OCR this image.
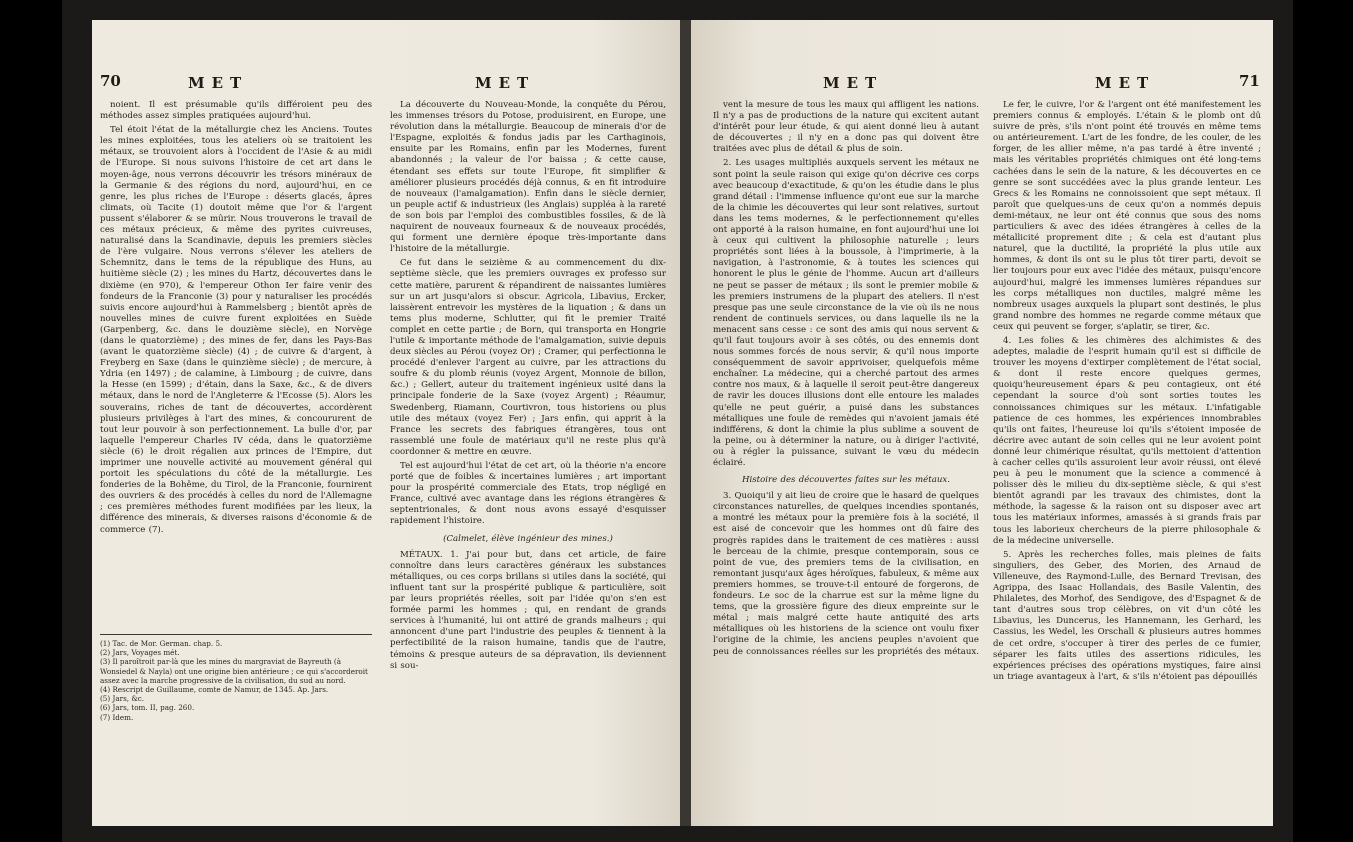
70	MET	MET

noient. Il est présumable qu'ils différoient peu des méthodes assez simples pratiquées aujourd'hui.

Tel étoit l'état de la métallurgie chez les Anciens. Toutes les mines exploitées, tous les ateliers où se traitoient les métaux, se trouvoient alors à l'occident de l'Asie & au midi de l'Europe. Si nous suivons l'histoire de cet art dans le moyen-âge, nous verrons découvrir les trésors minéraux de la Germanie & des régions du nord, aujourd'hui, en ce genre, les plus riches de l'Europe : déserts glacés, âpres climats, où Tacite (1) doutoit même que l'or & l'argent pussent s'élaborer & se mûrir. Nous trouverons le travail de ces métaux précieux, & même des pyrites cuivreuses, naturalisé dans la Scandinavie, depuis les premiers siècles de l'ère vulgaire. Nous verrons s'élever les ateliers de Schemnitz, dans le tems de la république des Huns, au huitième siècle (2) ; les mines du Hartz, découvertes dans le dixième (en 970), & l'empereur Othon Ier faire venir des fondeurs de la Franconie (3) pour y naturaliser les procédés suivis encore aujourd'hui à Rammelsberg ; bientôt après de nouvelles mines de cuivre furent exploitées en Suède (Garpenberg, &c. dans le douzième siècle), en Norvège (dans le quatorzième) ; des mines de fer, dans les Pays-Bas (avant le quatorzième siècle) (4) ; de cuivre & d'argent, à Freyberg en Saxe (dans le quinzième siècle) ; de mercure, à Ydria (en 1497) ; de calamine, à Limbourg ; de cuivre, dans la Hesse (en 1599) ; d'étain, dans la Saxe, &c., & de divers métaux, dans le nord de l'Angleterre & l'Ecosse (5). Alors les souverains, riches de tant de découvertes, accordèrent plusieurs privilèges à l'art des mines, & concoururent de tout leur pouvoir à son perfectionnement. La bulle d'or, par laquelle l'empereur Charles IV céda, dans le quatorzième siècle (6) le droit régalien aux princes de l'Empire, dut imprimer une nouvelle activité au mouvement général qui portoit les spéculations du côté de la métallurgie. Les fonderies de la Bohême, du Tirol, de la Franconie, fournirent des ouvriers & des procédés à celles du nord de l'Allemagne ; ces premières méthodes furent modifiées par les lieux, la différence des minerais, & diverses raisons d'économie & de commerce (7).

(1) Tac. de Mor. German. chap. 5.
(2) Jars, Voyages mét.
(3) Il paroîtroit par-là que les mines du margraviat de Bayreuth (à Wonsiedel & Nayla) ont une origine bien antérieure ; ce qui s'accorderoit assez avec la marche progressive de la civilisation, du sud au nord.
(4) Rescript de Guillaume, comte de Namur, de 1345. Ap. Jars.
(5) Jars, &c.
(6) Jars, tom. II, pag. 260.
(7) Idem.

La découverte du Nouveau-Monde, la conquête du Pérou, les immenses trésors du Potose, produisirent, en Europe, une révolution dans la métallurgie. Beaucoup de minerais d'or de l'Espagne, exploités & fondus jadis par les Carthaginois, ensuite par les Romains, enfin par les Modernes, furent abandonnés ; la valeur de l'or baissa ; & cette cause, étendant ses effets sur toute l'Europe, fit simplifier & améliorer plusieurs procédés déjà connus, & en fit introduire de nouveaux (l'amalgamation). Enfin dans le siècle dernier, un peuple actif & industrieux (les Anglais) suppléa à la rareté de son bois par l'emploi des combustibles fossiles, & de là naquirent de nouveaux fourneaux & de nouveaux procédés, qui forment une dernière époque très-importante dans l'histoire de la métallurgie.

Ce fut dans le seizième & au commencement du dix-septième siècle, que les premiers ouvrages ex professo sur cette matière, parurent & répandirent de naissantes lumières sur un art jusqu'alors si obscur. Agricola, Libavius, Ercker, laissèrent entrevoir les mystères de la liquation ; & dans un tems plus moderne, Schlutter, qui fit le premier Traité complet en cette partie ; de Born, qui transporta en Hongrie l'utile & importante méthode de l'amalgamation, suivie depuis deux siècles au Pérou (voyez Or) ; Cramer, qui perfectionna le procédé d'enlever l'argent au cuivre, par les attractions du soufre & du plomb réunis (voyez Argent, Monnoie de billon, &c.) ; Gellert, auteur du traitement ingénieux usité dans la principale fonderie de la Saxe (voyez Argent) ; Réaumur, Swedenberg, Riamann, Courtivron, tous historiens ou plus utile des métaux (voyez Fer) ; Jars enfin, qui apprit à la France les secrets des fabriques étrangères, tous ont rassemblé une foule de matériaux qu'il ne reste plus qu'à coordonner & mettre en œuvre.

Tel est aujourd'hui l'état de cet art, où la théorie n'a encore porté que de foibles & incertaines lumières ; art important pour la prospérité commerciale des Etats, trop négligé en France, cultivé avec avantage dans les régions étrangères & septentrionales, & dont nous avons essayé d'esquisser rapidement l'histoire.

(Calmelet, élève ingénieur des mines.)

MÉTAUX. 1. J'ai pour but, dans cet article, de faire connoître dans leurs caractères généraux les substances métalliques, ou ces corps brillans si utiles dans la société, qui influent tant sur la prospérité publique & particulière, soit par leurs propriétés réelles, soit par l'idée qu'on s'en est formée parmi les hommes ; qui, en rendant de grands services à l'humanité, lui ont attiré de grands malheurs ; qui annoncent d'une part l'industrie des peuples & tiennent à la perfectibilité de la raison humaine, tandis que de l'autre, témoins & presque auteurs de sa dépravation, ils deviennent si sou-

MET	MET	71

vent la mesure de tous les maux qui affligent les nations. Il n'y a pas de productions de la nature qui excitent autant d'intérêt pour leur étude, & qui aient donné lieu à autant de découvertes ; il n'y en a donc pas qui doivent être traitées avec plus de détail & plus de soin.

2. Les usages multipliés auxquels servent les métaux ne sont point la seule raison qui exige qu'on décrive ces corps avec beaucoup d'exactitude, & qu'on les étudie dans le plus grand détail : l'immense influence qu'ont eue sur la marche de la chimie les découvertes qui leur sont relatives, surtout dans les tems modernes, & le perfectionnement qu'elles ont apporté à la raison humaine, en font aujourd'hui une loi à ceux qui cultivent la philosophie naturelle ; leurs propriétés sont liées à la boussole, à l'imprimerie, à la navigation, à l'astronomie, & à toutes les sciences qui honorent le plus le génie de l'homme. Aucun art d'ailleurs ne peut se passer de métaux ; ils sont le premier mobile & les premiers instrumens de la plupart des ateliers. Il n'est presque pas une seule circonstance de la vie où ils ne nous rendent de continuels services, ou dans laquelle ils ne la menacent sans cesse : ce sont des amis qui nous servent & qu'il faut toujours avoir à ses côtés, ou des ennemis dont nous sommes forcés de nous servir, & qu'il nous importe conséquemment de savoir apprivoiser, quelquefois même enchaîner. La médecine, qui a cherché partout des armes contre nos maux, & à laquelle il seroit peut-être dangereux de ravir les douces illusions dont elle entoure les malades qu'elle ne peut guérir, a puisé dans les substances métalliques une foule de remèdes qui n'avoient jamais été indifférens, & dont la chimie la plus sublime a souvent de la peine, ou à déterminer la nature, ou à diriger l'activité, ou à régler la puissance, suivant le vœu du médecin éclairé.

Histoire des découvertes faites sur les métaux.

3. Quoiqu'il y ait lieu de croire que le hasard de quelques circonstances naturelles, de quelques incendies spontanés, a montré les métaux pour la première fois à la société, il est aisé de concevoir que les hommes ont dû faire des progrès rapides dans le traitement de ces matières : aussi le berceau de la chimie, presque contemporain, sous ce point de vue, des premiers tems de la civilisation, en remontant jusqu'aux âges héroïques, fabuleux, & même aux premiers hommes, se trouve-t-il entouré de forgerons, de fondeurs. Le soc de la charrue est sur la même ligne du tems, que la grossière figure des dieux empreinte sur le métal ; mais malgré cette haute antiquité des arts métalliques où les historiens de la science ont voulu fixer l'origine de la chimie, les anciens peuples n'avoient que peu de connoissances réelles sur les propriétés des métaux.

Le fer, le cuivre, l'or & l'argent ont été manifestement les premiers connus & employés. L'étain & le plomb ont dû suivre de près, s'ils n'ont point été trouvés en même tems ou antérieurement. L'art de les fondre, de les couler, de les forger, de les allier même, n'a pas tardé à être inventé ; mais les véritables propriétés chimiques ont été long-tems cachées dans le sein de la nature, & les découvertes en ce genre se sont succédées avec la plus grande lenteur. Les Grecs & les Romains ne connoissoient que sept métaux. Il paroît que quelques-uns de ceux qu'on a nommés depuis demi-métaux, ne leur ont été connus que sous des noms particuliers & avec des idées étrangères à celles de la métallicité proprement dite ; & cela est d'autant plus naturel, que la ductilité, la propriété la plus utile aux hommes, & dont ils ont su le plus tôt tirer parti, devoit se lier toujours pour eux avec l'idée des métaux, puisqu'encore aujourd'hui, malgré les immenses lumières répandues sur les corps métalliques non ductiles, malgré même les nombreux usages auxquels la plupart sont destinés, le plus grand nombre des hommes ne regarde comme métaux que ceux qui peuvent se forger, s'aplatir, se tirer, &c.

4. Les folies & les chimères des alchimistes & des adeptes, maladie de l'esprit humain qu'il est si difficile de trouver les moyens d'extirper complètement de l'état social, & dont il reste encore quelques germes, quoiqu'heureusement épars & peu contagieux, ont été cependant la source d'où sont sorties toutes les connoissances chimiques sur les métaux. L'infatigable patience de ces hommes, les expériences innombrables qu'ils ont faites, l'heureuse loi qu'ils s'étoient imposée de décrire avec autant de soin celles qui ne leur avoient point donné leur chimérique résultat, qu'ils mettoient d'attention à cacher celles qu'ils assuroient leur avoir réussi, ont élevé peu à peu le monument que la science a commencé à polisser dès le milieu du dix-septième siècle, & qui s'est bientôt agrandi par les travaux des chimistes, dont la méthode, la sagesse & la raison ont su disposer avec art tous les matériaux informes, amassés à si grands frais par tous les laborieux chercheurs de la pierre philosophale & de la médecine universelle.

5. Après les recherches folles, mais pleines de faits singuliers, des Geber, des Morien, des Arnaud de Villeneuve, des Raymond-Lulle, des Bernard Trevisan, des Agrippa, des Isaac Hollandais, des Basile Valentin, des Philaletes, des Morhof, des Sendigove, des d'Espagnet & de tant d'autres sous trop célèbres, on vit d'un côté les Libavius, les Duncerus, les Hannemann, les Gerhard, les Cassius, les Wedel, les Orschall & plusieurs autres hommes de cet ordre, s'occuper à tirer des perles de ce fumier, séparer les faits utiles des assertions ridicules, les expériences précises des opérations mystiques, faire ainsi un triage avantageux à l'art, & s'ils n'étoient pas dépouillés
